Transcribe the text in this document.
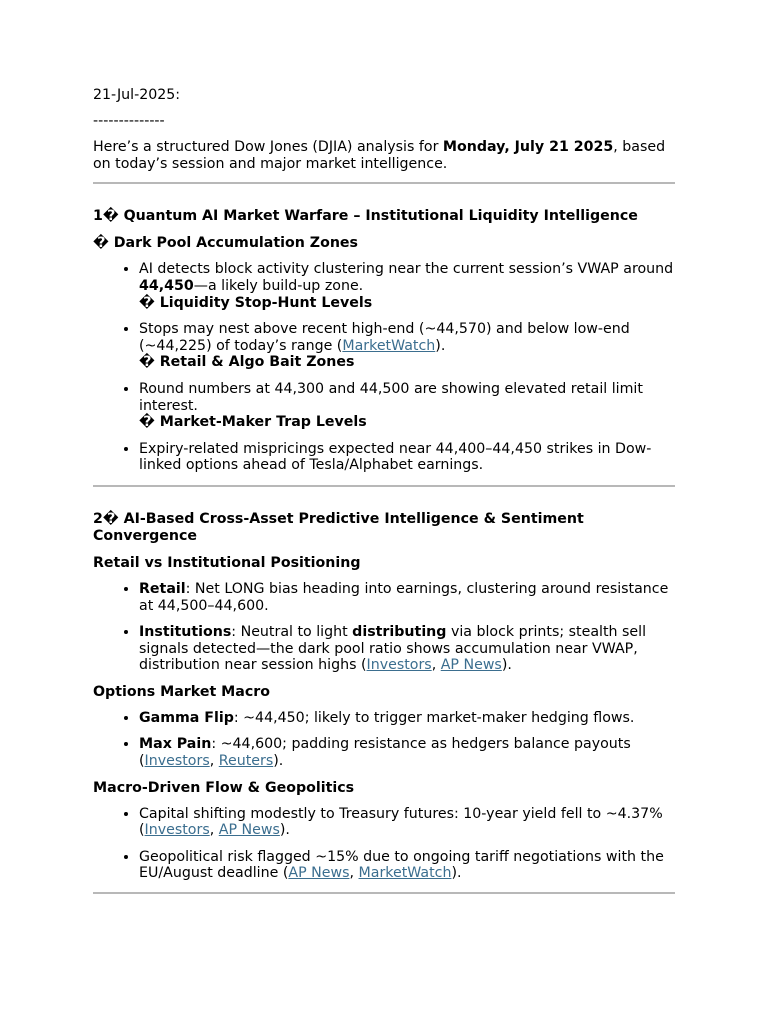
21-Jul-2025:

--------------

Here’s a structured Dow Jones (DJIA) analysis for Monday, July 21 2025, based on today’s session and major market intelligence.

1� Quantum AI Market Warfare – Institutional Liquidity Intelligence
� Dark Pool Accumulation Zones
• AI detects block activity clustering near the current session’s VWAP around 44,450—a likely build-up zone.
� Liquidity Stop-Hunt Levels
• Stops may nest above recent high-end (~44,570) and below low-end (~44,225) of today’s range (MarketWatch).
� Retail & Algo Bait Zones
• Round numbers at 44,300 and 44,500 are showing elevated retail limit interest.
� Market-Maker Trap Levels
• Expiry-related mispricings expected near 44,400–44,450 strikes in Dow-linked options ahead of Tesla/Alphabet earnings.
2� AI-Based Cross-Asset Predictive Intelligence & Sentiment Convergence
Retail vs Institutional Positioning
• Retail: Net LONG bias heading into earnings, clustering around resistance at 44,500–44,600.
• Institutions: Neutral to light distributing via block prints; stealth sell signals detected—the dark pool ratio shows accumulation near VWAP, distribution near session highs (Investors, AP News).
Options Market Macro
• Gamma Flip: ~44,450; likely to trigger market-maker hedging flows.
• Max Pain: ~44,600; padding resistance as hedgers balance payouts (Investors, Reuters).
Macro-Driven Flow & Geopolitics
• Capital shifting modestly to Treasury futures: 10-year yield fell to ~4.37% (Investors, AP News).
• Geopolitical risk flagged ~15% due to ongoing tariff negotiations with the EU/August deadline (AP News, MarketWatch).
